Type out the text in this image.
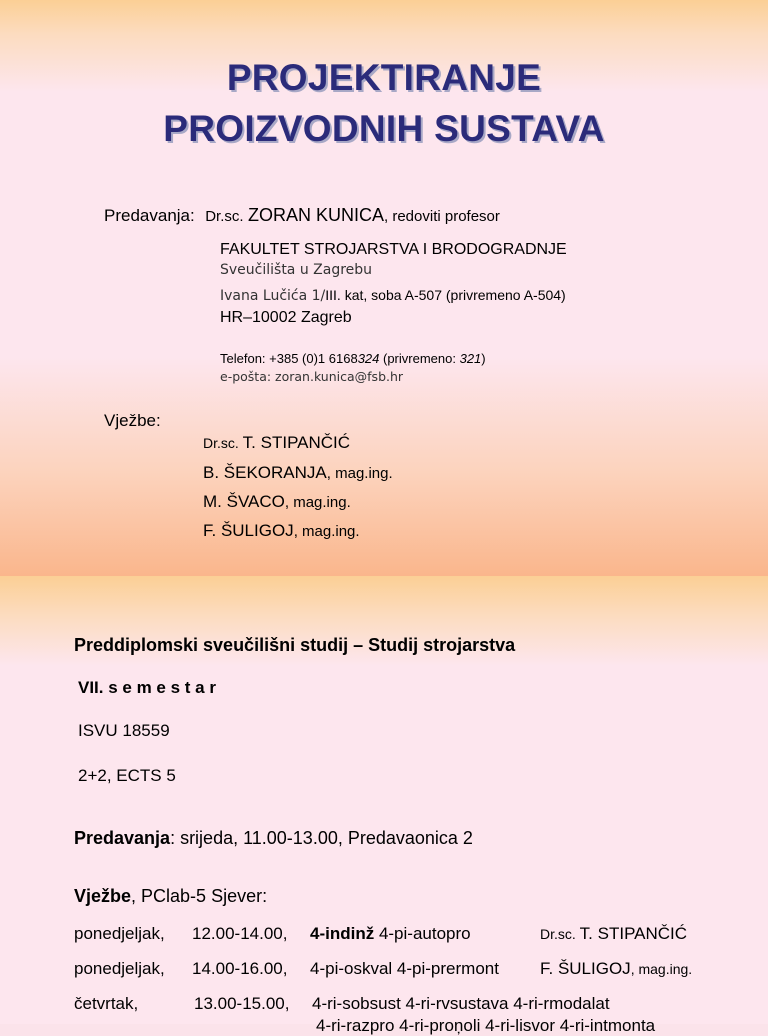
PROJEKTIRANJE
PROIZVODNIH SUSTAVA
Predavanja: Dr.sc. ZORAN KUNICA, redoviti profesor
FAKULTET STROJARSTVA I BRODOGRADNJE
Sveučilišta u Zagrebu
Ivana Lučića 1/III. kat, soba A-507 (privremeno A-504)
HR–10002 Zagreb
Telefon: +385 (0)1 6168324 (privremeno: 321)
e-pošta: zoran.kunica@fsb.hr
Vježbe:
Dr.sc. T. STIPANČIĆ
B. ŠEKORANJA, mag.ing.
M. ŠVACO, mag.ing.
F. ŠULIGOJ, mag.ing.
Preddiplomski sveučilišni studij – Studij strojarstva
VII. s e m e s t a r
ISVU 18559
2+2, ECTS 5
Predavanja: srijeda, 11.00-13.00, Predavaonica 2
Vježbe, PClab-5 Sjever:
ponedjeljak, 12.00-14.00, 4-indinž 4-pi-autopro	Dr.sc. T. STIPANČIĆ
ponedjeljak, 14.00-16.00, 4-pi-oskval 4-pi-prermont F. ŠULIGOJ, mag.ing.
četvrtak,	13.00-15.00, 4-ri-sobsust 4-ri-rvsustava 4-ri-rmodalat
4-ri-razpro 4-ri-proņoli 4-ri-lisvor 4-ri-intmonta
